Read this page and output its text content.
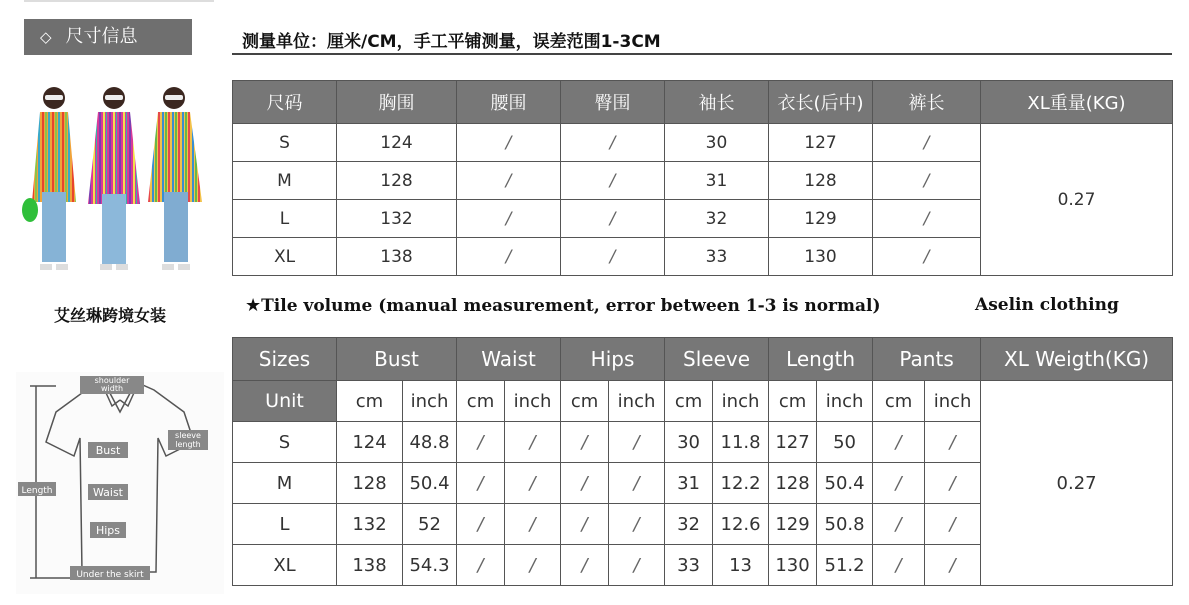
◇ 尺寸信息	测量单位：厘米/CM，手工平铺测量，误差范围1-3CM
艾丝琳跨境女装
尺码	胸围	腰围	臀围	袖长	衣长(后中)	裤长	XL重量(KG)
S	124	/	/	30	127	/	0.27
M	128	/	/	31	128	/	
L	132	/	/	32	129	/	
XL	138	/	/	33	130	/	
★Tile volume (manual measurement, error between 1-3 is normal)	Aselin clothing
shoulder
width
Bust
sleeve
length
Length	Waist
Hips
Under the skirt
Sizes	Bust		Waist		Hips		Sleeve		Length		Pants		XL Weigth(KG)
Unit	cm	inch	cm	inch	cm	inch	cm	inch	cm	inch	cm	inch	0.27
S	124	48.8	/	/	/	/	30	11.8	127	50	/	/	
M	128	50.4	/	/	/	/	31	12.2	128	50.4	/	/	
L	132	52	/	/	/	/	32	12.6	129	50.8	/	/	
XL	138	54.3	/	/	/	/	33	13	130	51.2	/	/	
